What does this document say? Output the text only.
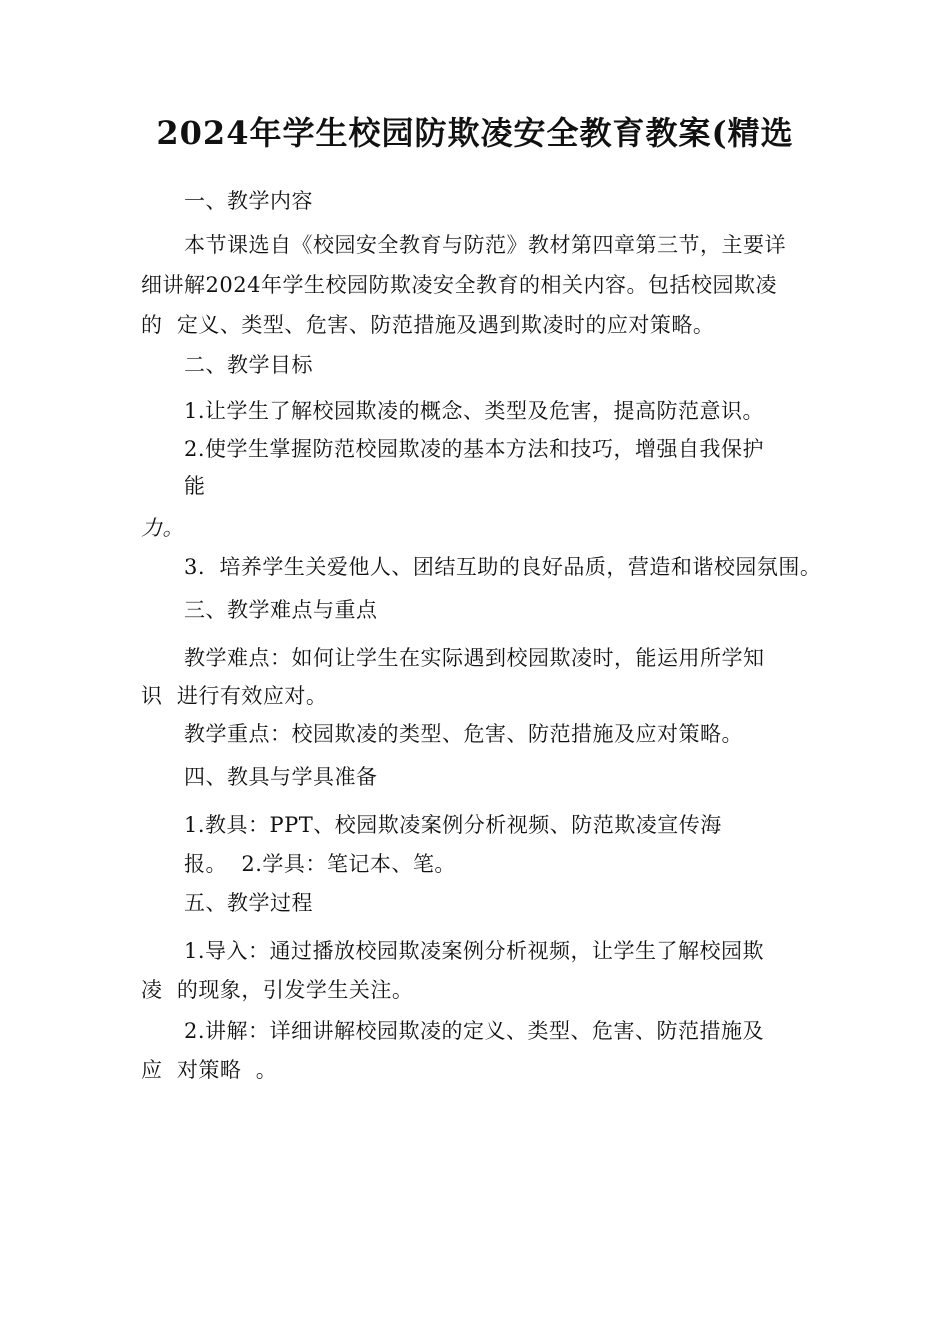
2024年学生校园防欺凌安全教育教案(精选
一、教学内容
本节课选自《校园安全教育与防范》教材第四章第三节，主要详
细讲解2024年学生校园防欺凌安全教育的相关内容。包括校园欺凌
的  定义、类型、危害、防范措施及遇到欺凌时的应对策略。
二、教学目标
1.让学生了解校园欺凌的概念、类型及危害，提高防范意识。
2.使学生掌握防范校园欺凌的基本方法和技巧，增强自我保护
能
力。
3.  培养学生关爱他人、团结互助的良好品质，营造和谐校园氛围。
三、教学难点与重点
教学难点：如何让学生在实际遇到校园欺凌时，能运用所学知
识  进行有效应对。
教学重点：校园欺凌的类型、危害、防范措施及应对策略。
四、教具与学具准备
1.教具：PPT、校园欺凌案例分析视频、防范欺凌宣传海
报。  2.学具：笔记本、笔。
五、教学过程
1.导入：通过播放校园欺凌案例分析视频，让学生了解校园欺
凌  的现象，引发学生关注。
2.讲解：详细讲解校园欺凌的定义、类型、危害、防范措施及
应  对策略  。
